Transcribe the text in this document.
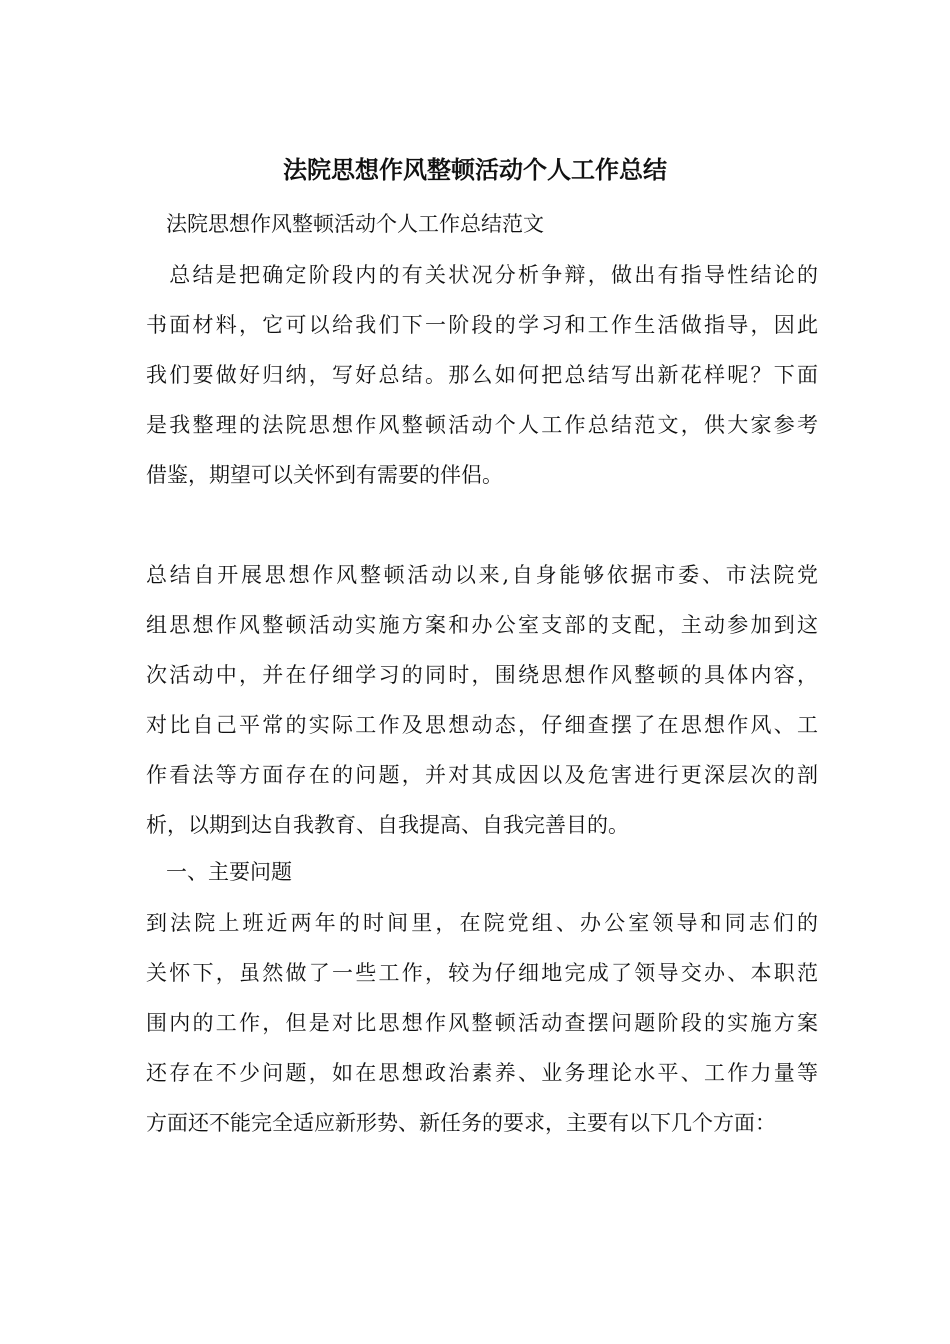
法院思想作风整顿活动个人工作总结

法院思想作风整顿活动个人工作总结范文

　总结是把确定阶段内的有关状况分析争辩，做出有指导性结论的
书面材料，它可以给我们下一阶段的学习和工作生活做指导，因此
我们要做好归纳，写好总结。那么如何把总结写出新花样呢？下面
是我整理的法院思想作风整顿活动个人工作总结范文，供大家参考
借鉴，期望可以关怀到有需要的伴侣。
总结自开展思想作风整顿活动以来,自身能够依据市委、市法院党
组思想作风整顿活动实施方案和办公室支部的支配，主动参加到这
次活动中，并在仔细学习的同时，围绕思想作风整顿的具体内容，
对比自己平常的实际工作及思想动态，仔细查摆了在思想作风、工
作看法等方面存在的问题，并对其成因以及危害进行更深层次的剖
析，以期到达自我教育、自我提高、自我完善目的。

一、主要问题

到法院上班近两年的时间里，在院党组、办公室领导和同志们的
关怀下，虽然做了一些工作，较为仔细地完成了领导交办、本职范
围内的工作，但是对比思想作风整顿活动查摆问题阶段的实施方案
还存在不少问题，如在思想政治素养、业务理论水平、工作力量等
方面还不能完全适应新形势、新任务的要求，主要有以下几个方面：
